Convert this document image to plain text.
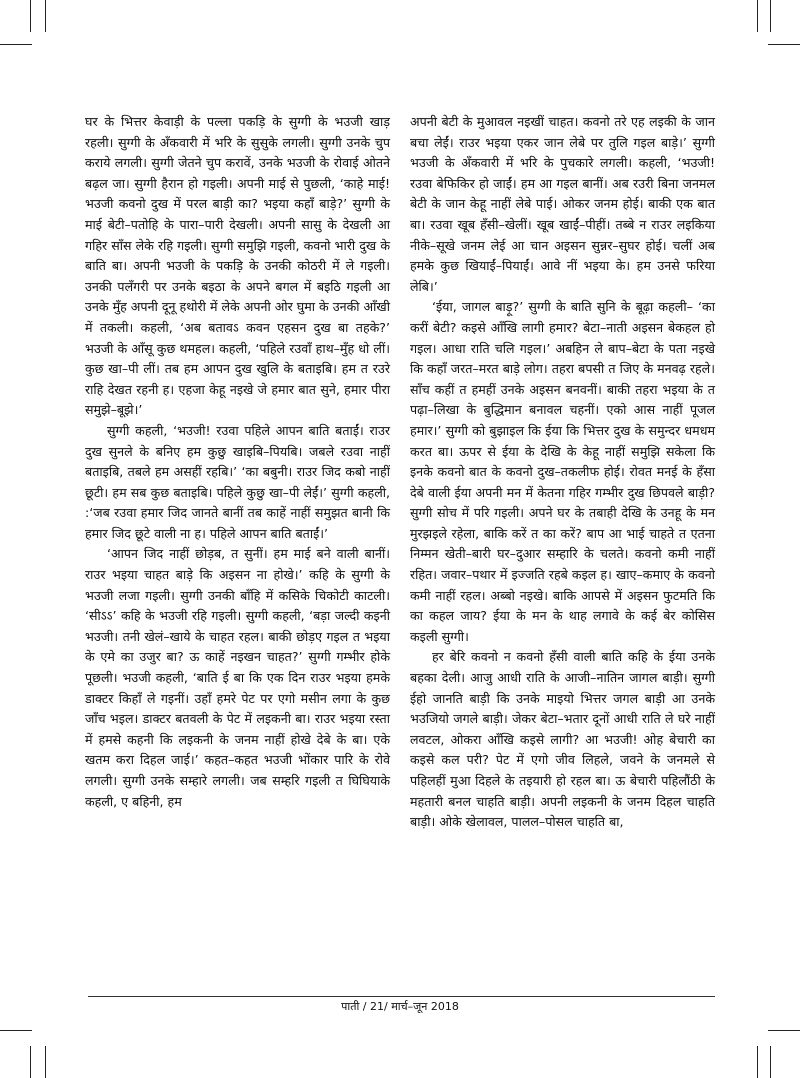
घर के भित्तर केवाड़ी के पल्ला पकड़ि के सुग्गी के भउजी खाड़ रहली। सुग्गी के अँकवारी में भरि के सुसुके लगली। सुग्गी उनके चुप कराये लगली। सुग्गी जेतने चुप करावें, उनके भउजी के रोवाई ओतने बढ़ल जा। सुग्गी हैरान हो गइली। अपनी माई से पुछली, ‘काहे माई! भउजी कवनो दुख में परल बाड़ी का? भइया कहाँ बाड़े?’ सुग्गी के माई बेटी–पतोहि के पारा–पारी देखली। अपनी सासु के देखली आ गहिर साँस लेके रहि गइली। सुग्गी समुझि गइली, कवनो भारी दुख के बाति बा। अपनी भउजी के पकड़ि के उनकी कोठरी में ले गइली। उनकी पलँगरी पर उनके बइठा के अपने बगल में बइठि गइली आ उनके मुँह अपनी दूनू हथोरी में लेके अपनी ओर घुमा के उनकी आँखी में तकली। कहली, ‘अब बतावऽ कवन एहसन दुख बा तहके?’ भउजी के आँसू कुछ थमहल। कहली, ‘पहिले रउवाँ हाथ–मुँह धो लीं। कुछ खा–पी लीं। तब हम आपन दुख खुलि के बताइबि। हम त रउरे राहि देखत रहनी ह। एहजा केहू नइखे जे हमार बात सुने, हमार पीरा समुझे–बूझे।’

सुग्गी कहली, ‘भउजी! रउवा पहिले आपन बाति बताईं। राउर दुख सुनले के बनिए हम कुछु खाइबि–पियबि। जबले रउवा नाहीं बताइबि, तबले हम असहीं रहबि।’ ‘का बबुनी। राउर जिद कबो नाहीं छूटी। हम सब कुछ बताइबि। पहिले कुछु खा–पी लेईं।’ सुग्गी कहली, :‘जब रउवा हमार जिद जानते बानीं तब काहें नाहीं समुझत बानी कि हमार जिद छूटे वाली ना ह। पहिले आपन बाति बताईं।’

‘आपन जिद नाहीं छोड़ब, त सुनीं। हम माई बने वाली बानीं। राउर भइया चाहत बाड़े कि अइसन ना होखे।’ कहि के सुग्गी के भउजी लजा गइली। सुग्गी उनकी बाँहि में कसिके चिकोटी काटली। ‘सीऽऽ’ कहि के भउजी रहि गइली। सुग्गी कहली, ‘बड़ा जल्दी कइनी भउजी। तनी खेलं–खाये के चाहत रहल। बाकी छोड़ए गइल त भइया के एमे का उजुर बा? ऊ काहें नइखन चाहत?’ सुग्गी गम्भीर होके पूछली। भउजी कहली, ‘बाति ई बा कि एक दिन राउर भइया हमके डाक्टर किहाँ ले गइनीं। उहाँ हमरे पेट पर एगो मसीन लगा के कुछ जाँच भइल। डाक्टर बतवली के पेट में लइकनी बा। राउर भइया रस्ता में हमसे कहनी कि लइकनी के जनम नाहीं होखे देबे के बा। एके खतम करा दिहल जाई।’ कहत–कहत भउजी भोंकार पारि के रोवे लगली। सुग्गी उनके सम्हारे लगली। जब सम्हरि गइली त घिघियाके कहली, ए बहिनी, हम

अपनी बेटी के मुआवल नइखीं चाहत। कवनो तरे एह लइकी के जान बचा लेईं। राउर भइया एकर जान लेबे पर तुलि गइल बाड़े।’ सुग्गी भउजी के अँकवारी में भरि के पुचकारे लगली। कहली, ‘भउजी! रउवा बेफिकिर हो जाईं। हम आ गइल बानीं। अब रउरी बिना जनमल बेटी के जान केहू नाहीं लेबे पाई। ओकर जनम होई। बाकी एक बात बा। रउवा खूब हँसी–खेलीं। खूब खाईं–पीहीं। तब्बे न राउर लइकिया नीके–सूखे जनम लेई आ चान अइसन सुन्नर–सुघर होई। चलीं अब हमके कुछ खियाईं–पियाईं। आवे नीं भइया के। हम उनसे फरिया लेबि।’

‘ईया, जागल बाड़ू?’ सुग्गी के बाति सुनि के बूढ़ा कहली– ‘का करीं बेटी? कइसे आँखि लागी हमार? बेटा–नाती अइसन बेकहल हो गइल। आधा राति चलि गइल।’ अबहिन ले बाप–बेटा के पता नइखे कि कहाँ जरत–मरत बाड़े लोग। तहरा बपसी त जिए के मनवढ़ रहले। साँच कहीं त हमहीं उनके अइसन बनवनीं। बाकी तहरा भइया के त पढ़ा–लिखा के बुद्धिमान बनावल चहनीं। एको आस नाहीं पूजल हमार।’ सुग्गी को बुझाइल कि ईया कि भित्तर दुख के समुन्दर धमधम करत बा। ऊपर से ईया के देखि के केहू नाहीं समुझि सकेला कि इनके कवनो बात के कवनो दुख–तकलीफ होई। रोवत मनई के हँसा देबे वाली ईया अपनी मन में केतना गहिर गम्भीर दुख छिपवले बाड़ी? सुग्गी सोच में परि गइली। अपने घर के तबाही देखि के उनहू के मन मुरझइले रहेला, बाकि करें त का करें? बाप आ भाई चाहते त एतना निम्मन खेती–बारी घर–दुआर सम्हारि के चलते। कवनो कमी नाहीं रहित। जवार–पथार में इज्जति रहबे कइल ह। खाए–कमाए के कवनो कमी नाहीं रहल। अब्बो नइखे। बाकि आपसे में अइसन फुटमति कि का कहल जाय? ईया के मन के थाह लगावे के कई बेर कोसिस कइली सुग्गी।

हर बेरि कवनो न कवनो हँसी वाली बाति कहि के ईया उनके बहका देली। आजु आधी राति के आजी–नातिन जागल बाड़ी। सुग्गी ईहो जानति बाड़ी कि उनके माइयो भित्तर जगल बाड़ी आ उनके भउजियो जगले बाड़ी। जेकर बेटा–भतार दूनों आधी राति ले घरे नाहीं लवटल, ओकरा आँखि कइसे लागी? आ भउजी! ओह बेचारी का कइसे कल परी? पेट में एगो जीव लिहले, जवने के जनमले से पहिलहीं मुआ दिहले के तइयारी हो रहल बा। ऊ बेचारी पहिलौंठी के महतारी बनल चाहति बाड़ी। अपनी लइकनी के जनम दिहल चाहति बाड़ी। ओके खेलावल, पालल–पोसल चाहति बा,

पाती / 21/ मार्च–जून 2018
